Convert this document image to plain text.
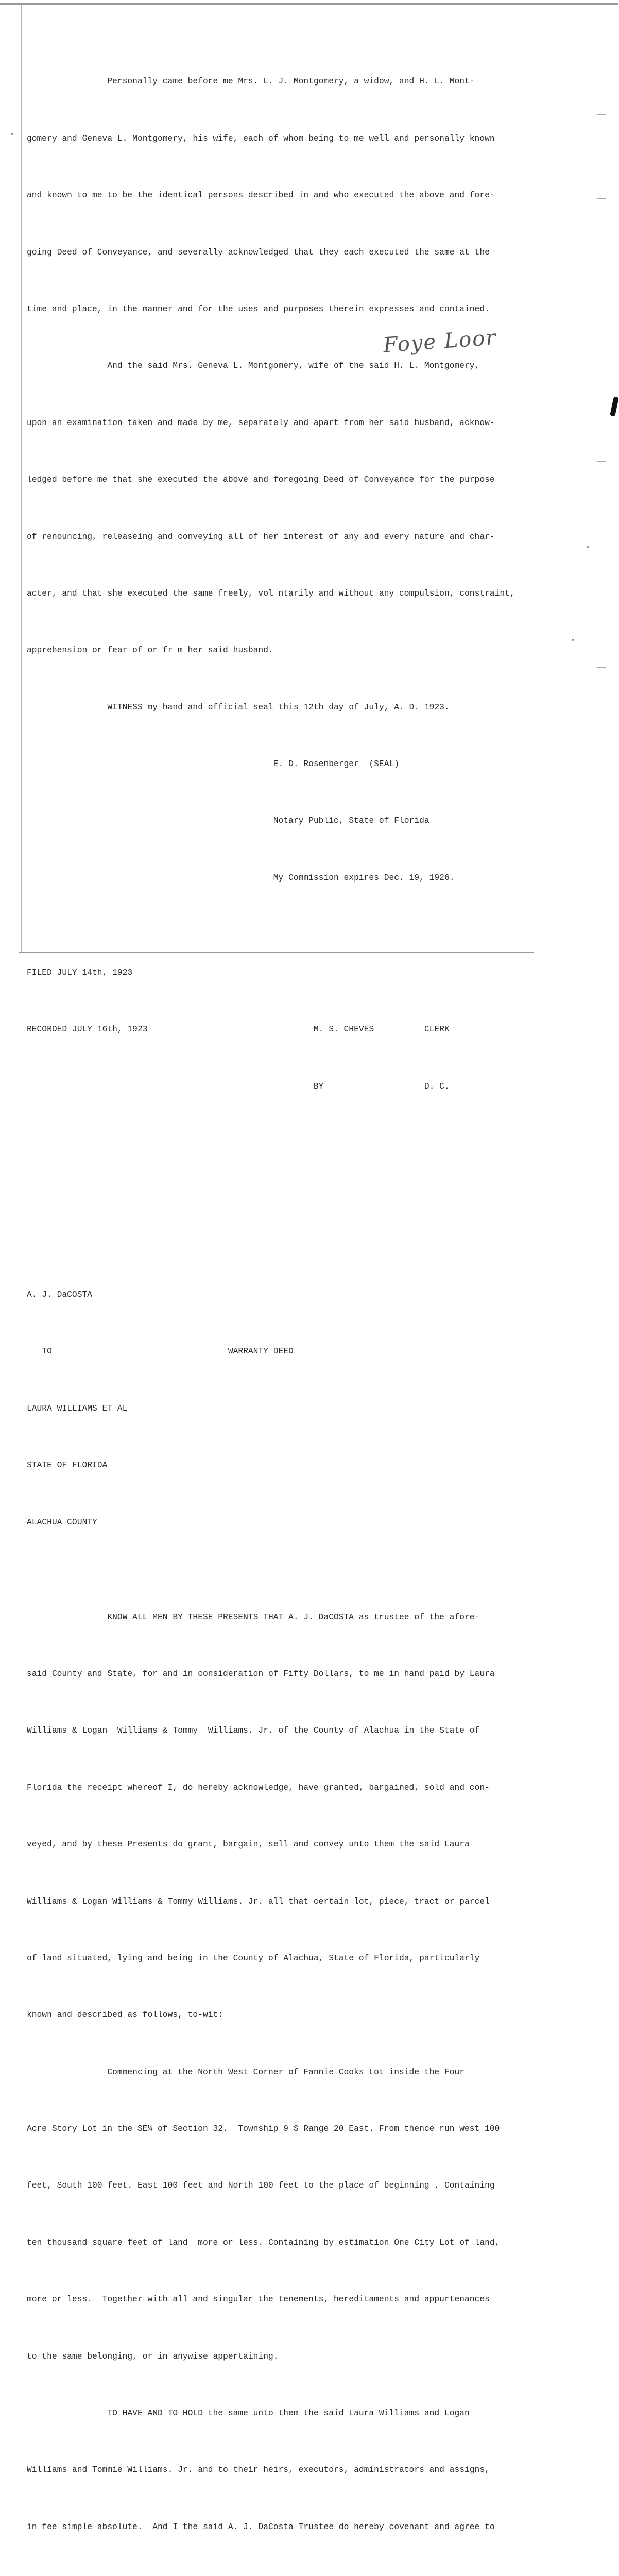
Personally came before me Mrs. L. J. Montgomery, a widow, and H. L. Mont-

gomery and Geneva L. Montgomery, his wife, each of whom being to me well and personally known

and known to me to be the identical persons described in and who executed the above and fore-

going Deed of Conveyance, and severally acknowledged that they each executed the same at the

time and place, in the manner and for the uses and purposes therein expresses and contained.

And the said Mrs. Geneva L. Montgomery, wife of the said H. L. Montgomery,

upon an examination taken and made by me, separately and apart from her said husband, acknow-

ledged before me that she executed the above and foregoing Deed of Conveyance for the purpose

of renouncing, releaseing and conveying all of her interest of any and every nature and char-

acter, and that she executed the same freely, vol ntarily and without any compulsion, constraint,

apprehension or fear of or fr m her said husband.

WITNESS my hand and official seal this 12th day of July, A. D. 1923.

E. D. Rosenberger  (SEAL)

Notary Public, State of Florida

My Commission expires Dec. 19, 1926.

FILED JULY 14th, 1923

RECORDED JULY 16th, 1923                                 M. S. CHEVES          CLERK

BY                    D. C.

A. J. DaCOSTA

TO                                   WARRANTY DEED

LAURA WILLIAMS ET AL

STATE OF FLORIDA

ALACHUA COUNTY

KNOW ALL MEN BY THESE PRESENTS THAT A. J. DaCOSTA as trustee of the afore-

said County and State, for and in consideration of Fifty Dollars, to me in hand paid by Laura

Williams & Logan  Williams & Tommy  Williams. Jr. of the County of Alachua in the State of

Florida the receipt whereof I, do hereby acknowledge, have granted, bargained, sold and con-

veyed, and by these Presents do grant, bargain, sell and convey unto them the said Laura

Williams & Logan Williams & Tommy Williams. Jr. all that certain lot, piece, tract or parcel

of land situated, lying and being in the County of Alachua, State of Florida, particularly

known and described as follows, to-wit:

Commencing at the North West Corner of Fannie Cooks Lot inside the Four

Acre Story Lot in the SE¼ of Section 32.  Township 9 S Range 20 East. From thence run west 100

feet, South 100 feet. East 100 feet and North 100 feet to the place of beginning , Containing

ten thousand square feet of land  more or less. Containing by estimation One City Lot of land,

more or less.  Together with all and singular the tenements, hereditaments and appurtenances

to the same belonging, or in anywise appertaining.

TO HAVE AND TO HOLD the same unto them the said Laura Williams and Logan

Williams and Tommie Williams. Jr. and to their heirs, executors, administrators and assigns,

in fee simple absolute.  And I the said A. J. DaCosta Trustee do hereby covenant and agree to

Foye Loor
